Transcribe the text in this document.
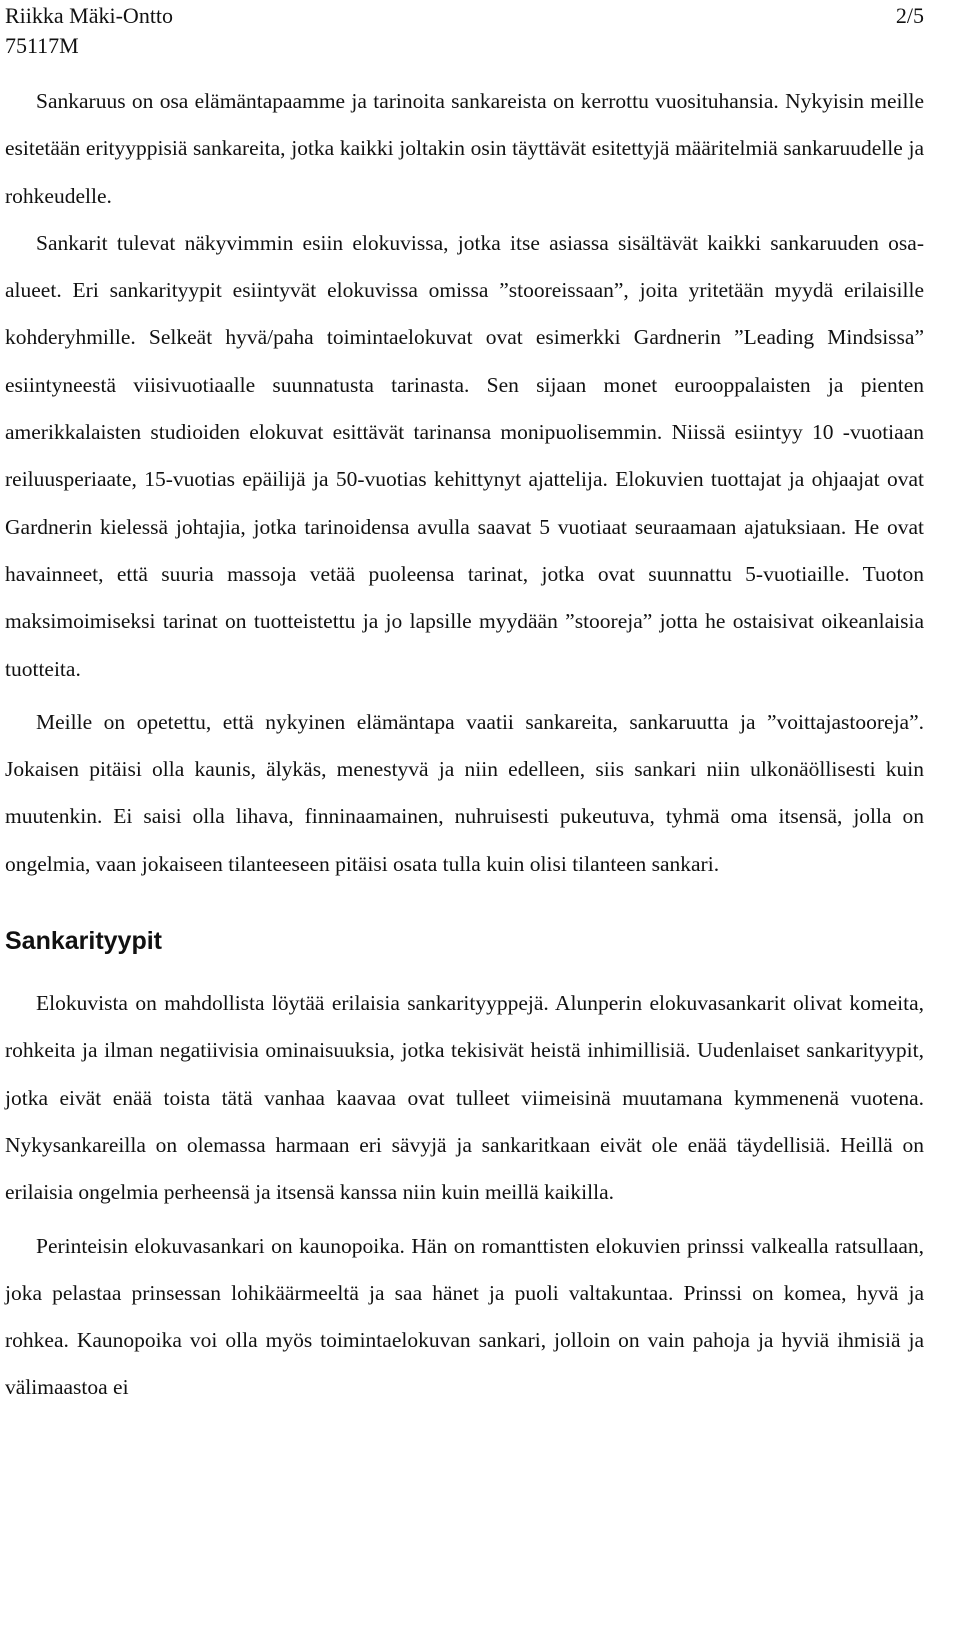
Riikka Mäki-Ontto	2/5
75117M

Sankaruus on osa elämäntapaamme ja tarinoita sankareista on kerrottu vuosituhansia. Nykyisin meille esitetään erityyppisiä sankareita, jotka kaikki joltakin osin täyttävät esitettyjä määritelmiä sankaruudelle ja rohkeudelle.

Sankarit tulevat näkyvimmin esiin elokuvissa, jotka itse asiassa sisältävät kaikki sankaruuden osa-alueet. Eri sankarityypit esiintyvät elokuvissa omissa ”stooreissaan”, joita yritetään myydä erilaisille kohderyhmille. Selkeät hyvä/paha toimintaelokuvat ovat esimerkki Gardnerin ”Leading Mindsissa” esiintyneestä viisivuotiaalle suunnatusta tarinasta. Sen sijaan monet eurooppalaisten ja pienten amerikkalaisten studioiden elokuvat esittävät tarinansa monipuolisemmin. Niissä esiintyy 10 -vuotiaan reiluusperiaate, 15-vuotias epäilijä ja 50-vuotias kehittynyt ajattelija. Elokuvien tuottajat ja ohjaajat ovat Gardnerin kielessä johtajia, jotka tarinoidensa avulla saavat 5 vuotiaat seuraamaan ajatuksiaan. He ovat havainneet, että suuria massoja vetää puoleensa tarinat, jotka ovat suunnattu 5-vuotiaille. Tuoton maksimoimiseksi tarinat on tuotteistettu ja jo lapsille myydään ”stooreja” jotta he ostaisivat oikeanlaisia tuotteita.

Meille on opetettu, että nykyinen elämäntapa vaatii sankareita, sankaruutta ja ”voittajastooreja”. Jokaisen pitäisi olla kaunis, älykäs, menestyvä ja niin edelleen, siis sankari niin ulkonäöllisesti kuin muutenkin. Ei saisi olla lihava, finninaamainen, nuhruisesti pukeutuva, tyhmä oma itsensä, jolla on ongelmia, vaan jokaiseen tilanteeseen pitäisi osata tulla kuin olisi tilanteen sankari.

Sankarityypit

Elokuvista on mahdollista löytää erilaisia sankarityyppejä. Alunperin elokuvasankarit olivat komeita, rohkeita ja ilman negatiivisia ominaisuuksia, jotka tekisivät heistä inhimillisiä. Uudenlaiset sankarityypit, jotka eivät enää toista tätä vanhaa kaavaa ovat tulleet viimeisinä muutamana kymmenenä vuotena. Nykysankareilla on olemassa harmaan eri sävyjä ja sankaritkaan eivät ole enää täydellisiä. Heillä on erilaisia ongelmia perheensä ja itsensä kanssa niin kuin meillä kaikilla.

Perinteisin elokuvasankari on kaunopoika. Hän on romanttisten elokuvien prinssi valkealla ratsullaan, joka pelastaa prinsessan lohikäärmeeltä ja saa hänet ja puoli valtakuntaa. Prinssi on komea, hyvä ja rohkea. Kaunopoika voi olla myös toimintaelokuvan sankari, jolloin on vain pahoja ja hyviä ihmisiä ja välimaastoa ei
